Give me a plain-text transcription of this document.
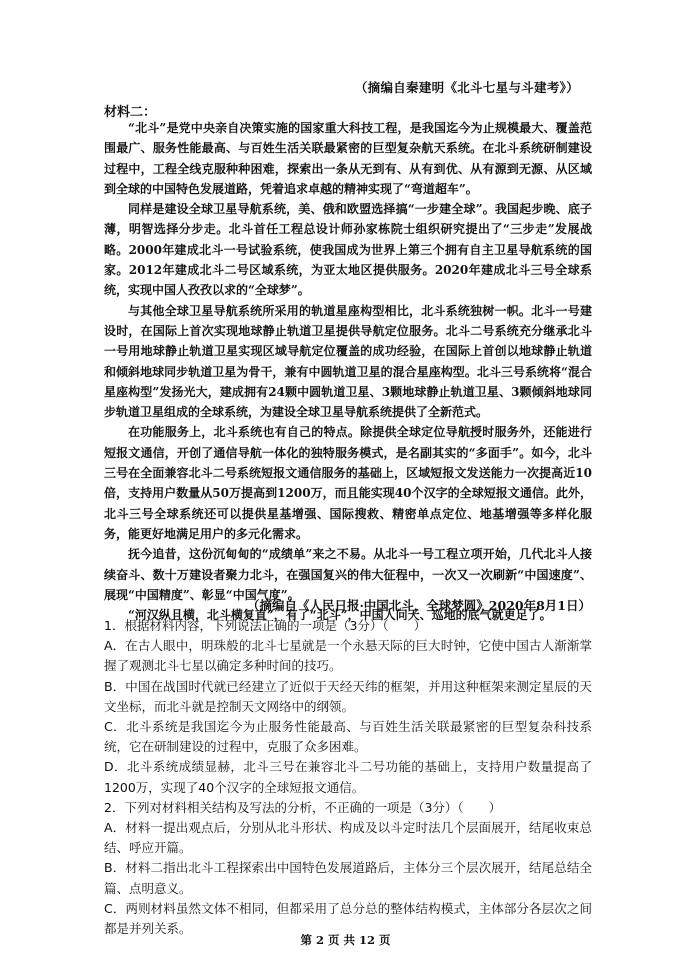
（摘编自秦建明《北斗七星与斗建考》）
材料二：

“北斗”是党中央亲自决策实施的国家重大科技工程，是我国迄今为止规模最大、覆盖范围最广、服务性能最高、与百姓生活关联最紧密的巨型复杂航天系统。在北斗系统研制建设过程中，工程全线克服种种困难，探索出一条从无到有、从有到优、从有源到无源、从区域到全球的中国特色发展道路，凭着追求卓越的精神实现了“弯道超车”。

同样是建设全球卫星导航系统，美、俄和欧盟选择搞“一步建全球”。我国起步晚、底子薄，明智选择分步走。北斗首任工程总设计师孙家栋院士组织研究提出了“三步走”发展战略。2000年建成北斗一号试验系统，使我国成为世界上第三个拥有自主卫星导航系统的国家。2012年建成北斗二号区域系统，为亚太地区提供服务。2020年建成北斗三号全球系统，实现中国人孜孜以求的“全球梦”。

与其他全球卫星导航系统所采用的轨道星座构型相比，北斗系统独树一帜。北斗一号建设时，在国际上首次实现地球静止轨道卫星提供导航定位服务。北斗二号系统充分继承北斗一号用地球静止轨道卫星实现区域导航定位覆盖的成功经验，在国际上首创以地球静止轨道和倾斜地球同步轨道卫星为骨干，兼有中圆轨道卫星的混合星座构型。北斗三号系统将“混合星座构型”发扬光大，建成拥有24颗中圆轨道卫星、3颗地球静止轨道卫星、3颗倾斜地球同步轨道卫星组成的全球系统，为建设全球卫星导航系统提供了全新范式。

在功能服务上，北斗系统也有自己的特点。除提供全球定位导航授时服务外，还能进行短报文通信，开创了通信导航一体化的独特服务模式，是名副其实的“多面手”。如今，北斗三号在全面兼容北斗二号系统短报文通信服务的基础上，区域短报文发送能力一次提高近10倍，支持用户数量从50万提高到1200万，而且能实现40个汉字的全球短报文通信。此外，北斗三号全球系统还可以提供星基增强、国际搜救、精密单点定位、地基增强等多样化服务，能更好地满足用户的多元化需求。

抚今追昔，这份沉甸甸的“成绩单”来之不易。从北斗一号工程立项开始，几代北斗人接续奋斗、数十万建设者聚力北斗，在强国复兴的伟大征程中，一次又一次刷新“中国速度”、展现“中国精度”、彰显“中国气度”。

“河汉纵且横，北斗横复直”，有了“北斗”，中国人问天、巡地的底气就更足了。

（摘编自《人民日报·中国北斗，全球梦圆》2020年8月1日）

1．根据材料内容，下列说法正确的一项是（3分）（　　）

A．在古人眼中，明珠般的北斗七星就是一个永悬天际的巨大时钟，它使中国古人渐渐掌握了观测北斗七星以确定多种时间的技巧。

B．中国在战国时代就已经建立了近似于天经天纬的框架，并用这种框架来测定星辰的天文坐标，而北斗就是控制天文网络中的纲领。

C．北斗系统是我国迄今为止服务性能最高、与百姓生活关联最紧密的巨型复杂科技系统，它在研制建设的过程中，克服了众多困难。

D．北斗系统成绩显赫，北斗三号在兼容北斗二号功能的基础上，支持用户数量提高了1200万，实现了40个汉字的全球短报文通信。

2．下列对材料相关结构及写法的分析，不正确的一项是（3分）（　　）

A．材料一提出观点后，分别从北斗形状、构成及以斗定时法几个层面展开，结尾收束总结、呼应开篇。

B．材料二指出北斗工程探索出中国特色发展道路后，主体分三个层次展开，结尾总结全篇、点明意义。

C．两则材料虽然文体不相同，但都采用了总分总的整体结构模式，主体部分各层次之间都是并列关系。

第 2 页 共 12 页
